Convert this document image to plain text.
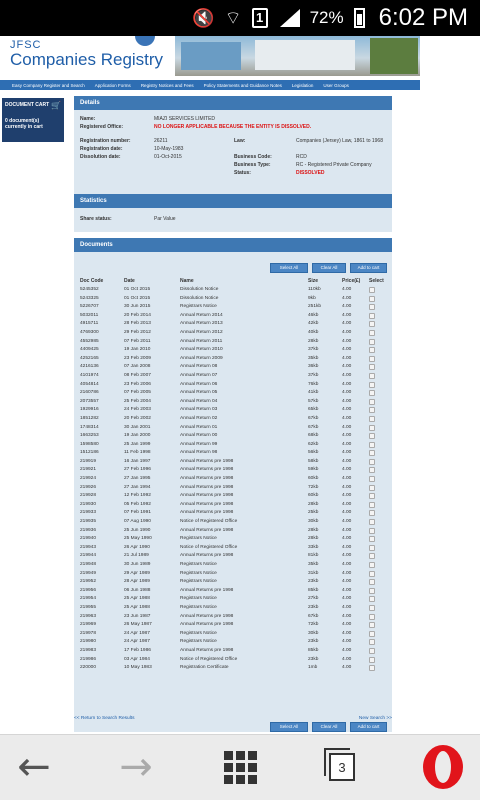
🔇 ⌔	1	72% 6:02 PM
JFSC
Companies Registry
Easy Company Register and Search Application Forms Registry Notices and Fees Policy Statements and Guidance Notes Legislation User Groups
DOCUMENT CART 🛒
0 document(s) currently in cart
Details
Name:	MIAZI SERVICES LIMITED
Registered Office:	NO LONGER APPLICABLE BECAUSE THE ENTITY IS DISSOLVED.
Registration number:	26211
Registration date:	10-May-1983
Dissolution date:	01-Oct-2015
Law:	Companies (Jersey) Law, 1861 to 1968
Business Code:	RCD
Business Type:	RC - Registered Private Company
Status:	DISSOLVED
Statistics
Share status:	Par Value
Documents
Select All	Clear All	Add to cart
Doc Code	Date	Name	Size	Price(£) Select
5245352	01 Oct 2015	Dissolution Notice	110kb	4.00
5243325	01 Oct 2015	Dissolution Notice	9kb	4.00
5226707	30 Jun 2015	Registrars Notice	251kb	4.00
5032011	20 Feb 2014	Annual Return 2014	46kb	4.00
4915711	28 Feb 2013	Annual Return 2013	42kb	4.00
4769300	29 Feb 2012	Annual Return 2012	40kb	4.00
4552985	07 Feb 2011	Annual Return 2011	28kb	4.00
4409425	19 Jan 2010	Annual Return 2010	37kb	4.00
4252165	23 Feb 2009	Annual Return 2009	35kb	4.00
4216136	07 Jan 2008	Annual Return 08	36kb	4.00
4101974	08 Feb 2007	Annual Return 07	37kb	4.00
4054814	23 Feb 2006	Annual Return 06	76kb	4.00
2160786	07 Feb 2005	Annual Return 05	41kb	4.00
2073557	25 Feb 2004	Annual Return 04	57kb	4.00
1929916	24 Feb 2003	Annual Return 03	65kb	4.00
1851282	20 Feb 2002	Annual Return 02	67kb	4.00
1748314	30 Jan 2001	Annual Return 01	67kb	4.00
1663253	19 Jan 2000	Annual Return 00	68kb	4.00
1598580	25 Jan 1999	Annual Return 99	62kb	4.00
1512186	11 Feb 1998	Annual Return 98	56kb	4.00
219919	16 Jan 1997	Annual Returns pre 1998	58kb	4.00
219921	27 Feb 1996	Annual Returns pre 1998	59kb	4.00
219924	27 Jan 1995	Annual Returns pre 1998	60kb	4.00
219926	27 Jan 1994	Annual Returns pre 1998	72kb	4.00
219928	12 Feb 1992	Annual Returns pre 1998	60kb	4.00
219930	05 Feb 1992	Annual Returns pre 1998	28kb	4.00
219933	07 Feb 1991	Annual Returns pre 1998	25kb	4.00
219935	07 Aug 1990	Notice of Registered Office	30kb	4.00
219936	25 Jun 1990	Annual Returns pre 1998	28kb	4.00
219940	25 May 1990	Registrars Notice	28kb	4.00
219943	26 Apr 1990	Notice of Registered Office	33kb	4.00
219944	21 Jul 1989	Annual Returns pre 1998	81kb	4.00
219948	30 Jun 1989	Registrars Notice	35kb	4.00
219949	29 Apr 1989	Registrars Notice	31kb	4.00
219952	28 Apr 1989	Registrars Notice	23kb	4.00
219956	06 Jun 1988	Annual Returns pre 1998	85kb	4.00
219954	25 Apr 1988	Registrars Notice	27kb	4.00
219955	25 Apr 1988	Registrars Notice	23kb	4.00
219963	23 Jun 1987	Annual Returns pre 1998	67kb	4.00
219969	26 May 1987	Annual Returns pre 1998	72kb	4.00
219978	24 Apr 1987	Registrars Notice	30kb	4.00
219980	24 Apr 1987	Registrars Notice	23kb	4.00
219983	17 Feb 1986	Annual Returns pre 1998	85kb	4.00
219986	03 Apr 1984	Notice of Registered Office	23kb	4.00
220000	10 May 1983	Registration Certificate	1mb	4.00
Select All	Clear All	Add to cart
<< Return to Search Results	New Search >>
← →	3
